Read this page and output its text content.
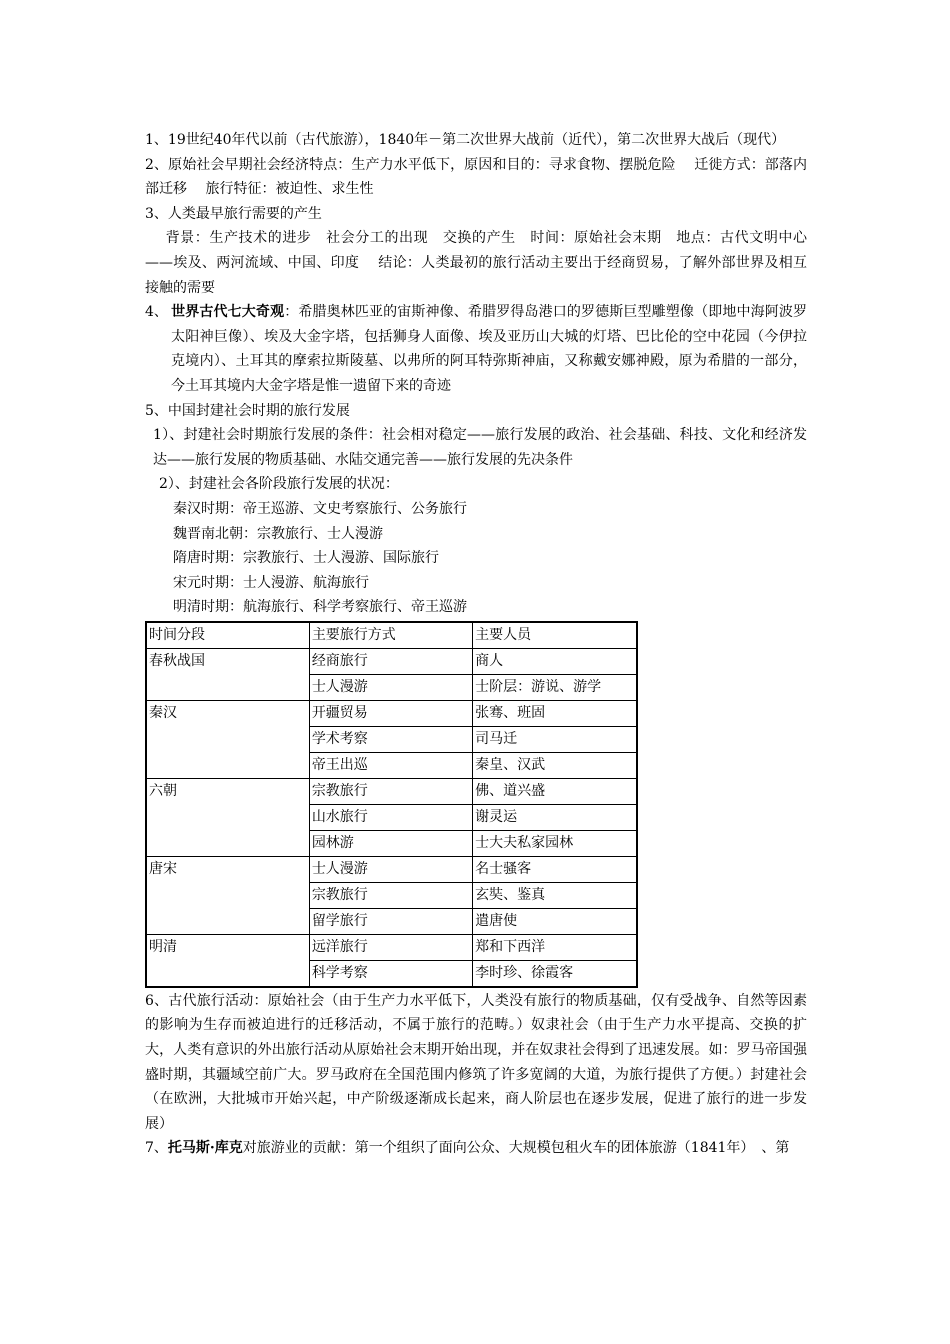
1、19世纪40年代以前（古代旅游），1840年－第二次世界大战前（近代），第二次世界大战后（现代）

2、原始社会早期社会经济特点：生产力水平低下，原因和目的：寻求食物、摆脱危险　 迁徙方式：部落内部迁移　 旅行特征：被迫性、求生性

3、人类最早旅行需要的产生

背景：生产技术的进步　社会分工的出现　交换的产生　时间：原始社会末期　地点：古代文明中心——埃及、两河流域、中国、印度　 结论：人类最初的旅行活动主要出于经商贸易，了解外部世界及相互接触的需要

4、 世界古代七大奇观：希腊奥林匹亚的宙斯神像、希腊罗得岛港口的罗德斯巨型雕塑像（即地中海阿波罗太阳神巨像）、埃及大金字塔，包括狮身人面像、埃及亚历山大城的灯塔、巴比伦的空中花园（今伊拉克境内）、土耳其的摩索拉斯陵墓、以弗所的阿耳特弥斯神庙，又称戴安娜神殿，原为希腊的一部分，今土耳其境内大金字塔是惟一遗留下来的奇迹

5、中国封建社会时期的旅行发展

1）、封建社会时期旅行发展的条件：社会相对稳定——旅行发展的政治、社会基础、科技、文化和经济发达——旅行发展的物质基础、水陆交通完善——旅行发展的先决条件

2）、封建社会各阶段旅行发展的状况：

秦汉时期：帝王巡游、文史考察旅行、公务旅行

魏晋南北朝：宗教旅行、士人漫游

隋唐时期：宗教旅行、士人漫游、国际旅行

宋元时期：士人漫游、航海旅行

明清时期：航海旅行、科学考察旅行、帝王巡游

时间分段	主要旅行方式	主要人员
春秋战国	经商旅行	商人
	士人漫游	士阶层：游说、游学
秦汉	开疆贸易	张骞、班固
	学术考察	司马迁
	帝王出巡	秦皇、汉武
六朝	宗教旅行	佛、道兴盛
	山水旅行	谢灵运
	园林游	士大夫私家园林
唐宋	士人漫游	名士骚客
	宗教旅行	玄奘、鉴真
	留学旅行	遣唐使
明清	远洋旅行	郑和下西洋
	科学考察	李时珍、徐霞客

6、古代旅行活动：原始社会（由于生产力水平低下，人类没有旅行的物质基础，仅有受战争、自然等因素的影响为生存而被迫进行的迁移活动，不属于旅行的范畴。）奴隶社会（由于生产力水平提高、交换的扩大，人类有意识的外出旅行活动从原始社会末期开始出现，并在奴隶社会得到了迅速发展。如：罗马帝国强盛时期，其疆域空前广大。罗马政府在全国范围内修筑了许多宽阔的大道，为旅行提供了方便。）封建社会（在欧洲，大批城市开始兴起，中产阶级逐渐成长起来，商人阶层也在逐步发展，促进了旅行的进一步发展）

7、托马斯·库克对旅游业的贡献：第一个组织了面向公众、大规模包租火车的团体旅游（1841年）　、第
